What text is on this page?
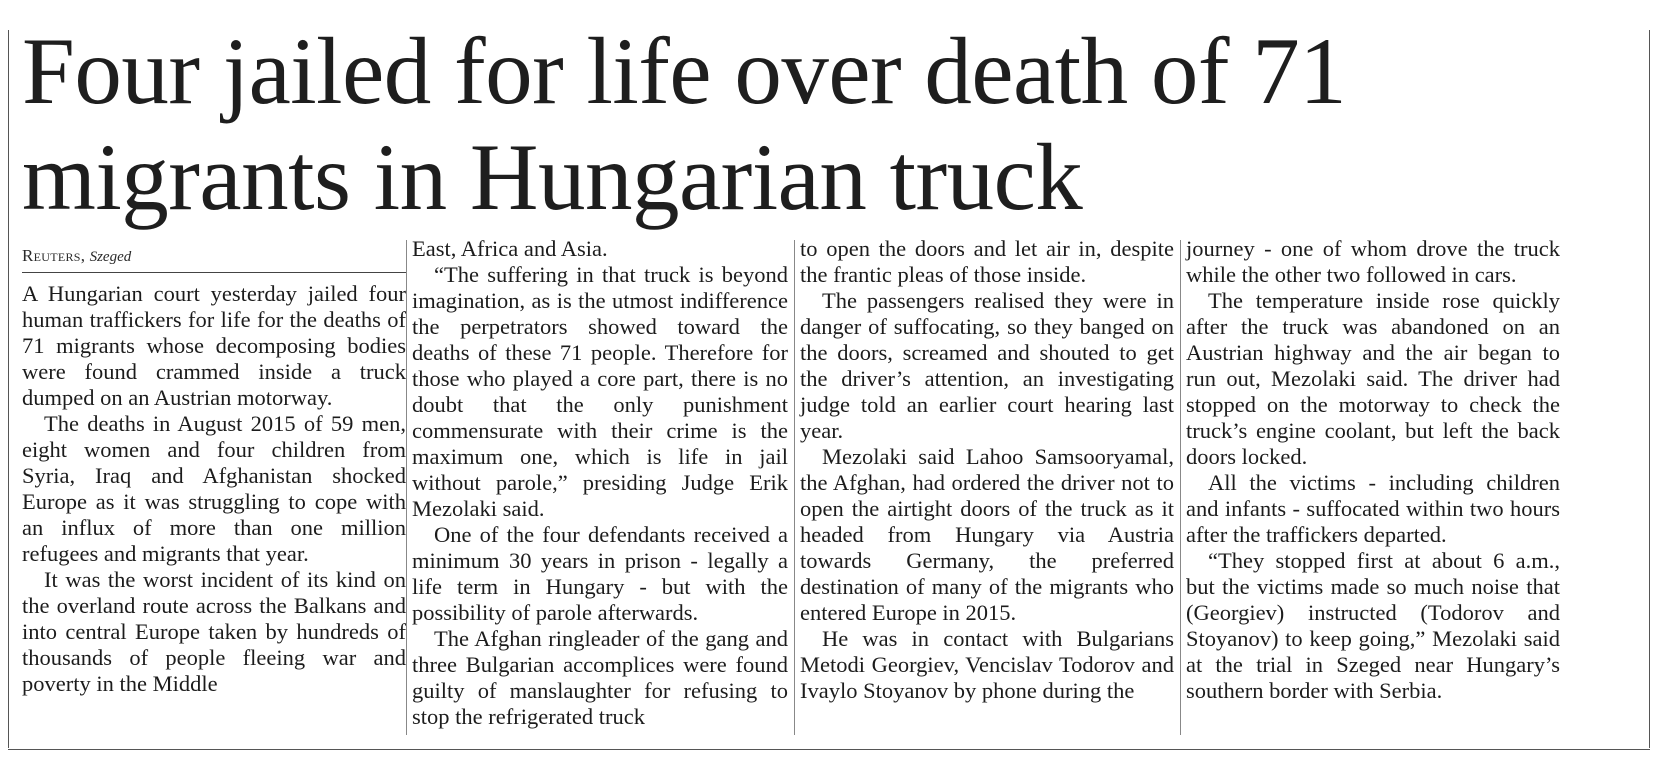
Four jailed for life over death of 71
migrants in Hungarian truck
Reuters, Szeged

A Hungarian court yesterday jailed four human traffickers for life for the deaths of 71 migrants whose decomposing bodies were found crammed inside a truck dumped on an Austrian motorway.

The deaths in August 2015 of 59 men, eight women and four children from Syria, Iraq and Afghanistan shocked Europe as it was struggling to cope with an influx of more than one million refugees and migrants that year.

It was the worst incident of its kind on the overland route across the Balkans and into central Europe taken by hundreds of thousands of people fleeing war and poverty in the Middle

East, Africa and Asia.

“The suffering in that truck is beyond imagination, as is the utmost indifference the perpetrators showed toward the deaths of these 71 people. Therefore for those who played a core part, there is no doubt that the only punishment commensurate with their crime is the maximum one, which is life in jail without parole,” presiding Judge Erik Mezolaki said.

One of the four defendants received a minimum 30 years in prison - legally a life term in Hungary - but with the possibility of parole afterwards.

The Afghan ringleader of the gang and three Bulgarian accomplices were found guilty of manslaughter for refusing to stop the refrigerated truck

to open the doors and let air in, despite the frantic pleas of those inside.

The passengers realised they were in danger of suffocating, so they banged on the doors, screamed and shouted to get the driver’s attention, an investigating judge told an earlier court hearing last year.

Mezolaki said Lahoo Samsooryamal, the Afghan, had ordered the driver not to open the airtight doors of the truck as it headed from Hungary via Austria towards Germany, the preferred destination of many of the migrants who entered Europe in 2015.

He was in contact with Bulgarians Metodi Georgiev, Vencislav Todorov and Ivaylo Stoyanov by phone during the

journey - one of whom drove the truck while the other two followed in cars.

The temperature inside rose quickly after the truck was abandoned on an Austrian highway and the air began to run out, Mezolaki said. The driver had stopped on the motorway to check the truck’s engine coolant, but left the back doors locked.

All the victims - including children and infants - suffocated within two hours after the traffickers departed.

“They stopped first at about 6 a.m., but the victims made so much noise that (Georgiev) instructed (Todorov and Stoyanov) to keep going,” Mezolaki said at the trial in Szeged near Hungary’s southern border with Serbia.
